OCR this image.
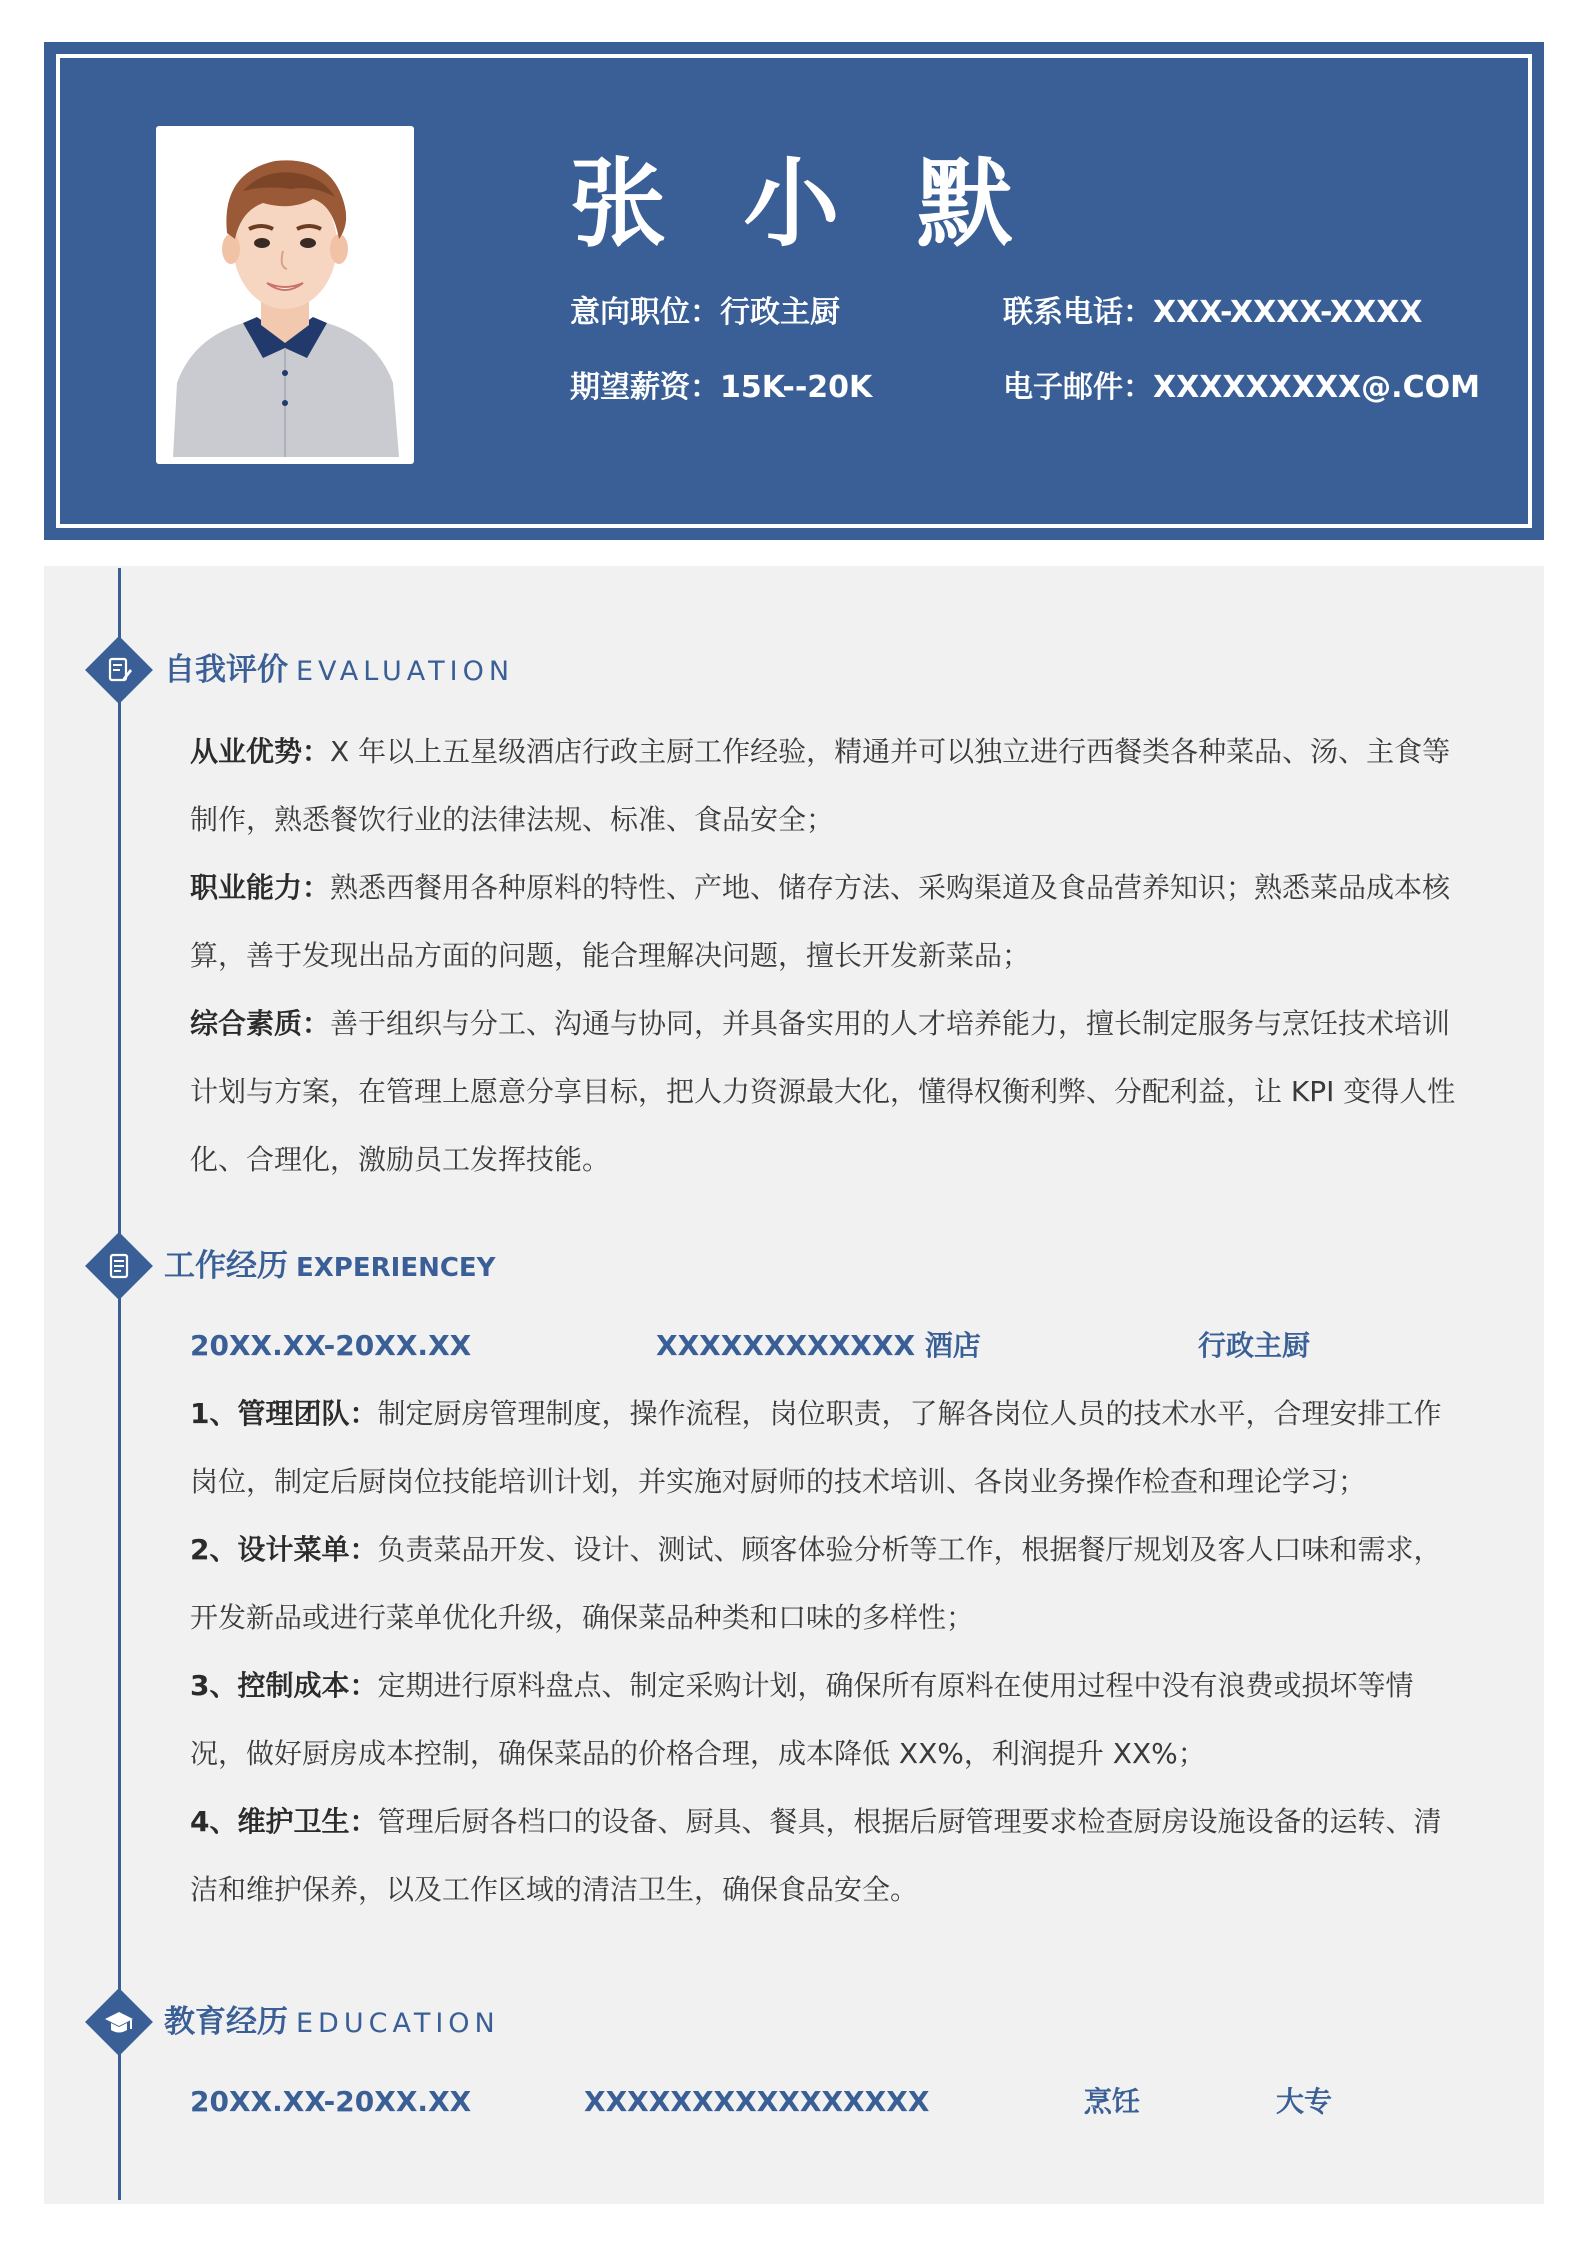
张 小 默
意向职位：行政主厨
期望薪资：15K--20K
联系电话：XXX-XXXX-XXXX
电子邮件：XXXXXXXXX@.COM
自我评价 EVALUATION

从业优势：X 年以上五星级酒店行政主厨工作经验，精通并可以独立进行西餐类各种菜品、汤、主食等制作，熟悉餐饮行业的法律法规、标准、食品安全；

职业能力：熟悉西餐用各种原料的特性、产地、储存方法、采购渠道及食品营养知识；熟悉菜品成本核算，善于发现出品方面的问题，能合理解决问题，擅长开发新菜品；

综合素质：善于组织与分工、沟通与协同，并具备实用的人才培养能力，擅长制定服务与烹饪技术培训计划与方案，在管理上愿意分享目标，把人力资源最大化，懂得权衡利弊、分配利益，让 KPI 变得人性化、合理化，激励员工发挥技能。

工作经历 EXPERIENCEY
20XX.XX-20XX.XX	XXXXXXXXXXXX 酒店	行政主厨

1、管理团队：制定厨房管理制度，操作流程，岗位职责，了解各岗位人员的技术水平，合理安排工作岗位，制定后厨岗位技能培训计划，并实施对厨师的技术培训、各岗业务操作检查和理论学习；

2、设计菜单：负责菜品开发、设计、测试、顾客体验分析等工作，根据餐厅规划及客人口味和需求，开发新品或进行菜单优化升级，确保菜品种类和口味的多样性；

3、控制成本：定期进行原料盘点、制定采购计划，确保所有原料在使用过程中没有浪费或损坏等情况，做好厨房成本控制，确保菜品的价格合理，成本降低 XX%，利润提升 XX%；

4、维护卫生：管理后厨各档口的设备、厨具、餐具，根据后厨管理要求检查厨房设施设备的运转、清洁和维护保养，以及工作区域的清洁卫生，确保食品安全。

教育经历 EDUCATION
20XX.XX-20XX.XX	XXXXXXXXXXXXXXXX	烹饪	大专
